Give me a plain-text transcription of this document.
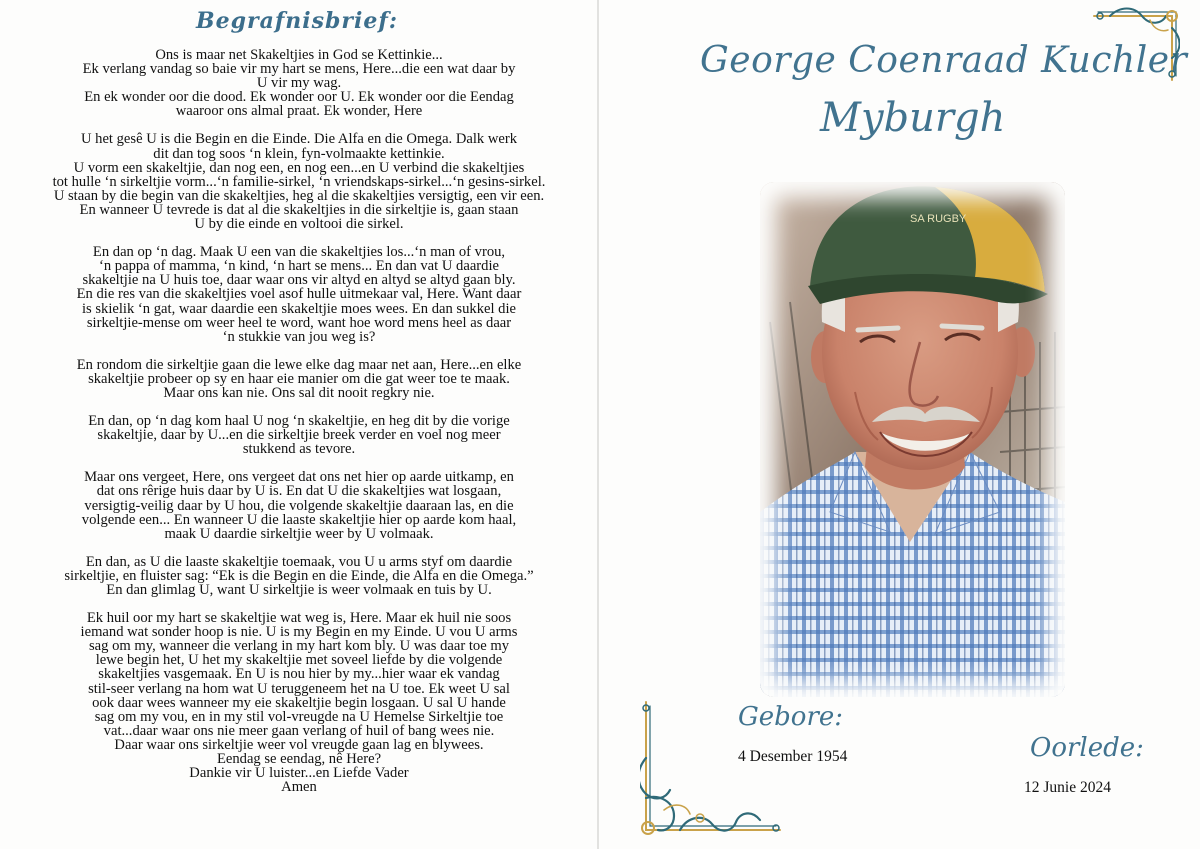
Begrafnisbrief:

Ons is maar net Skakeltjies in God se Kettinkie...
Ek verlang vandag so baie vir my hart se mens, Here...die een wat daar by
U vir my wag.
En ek wonder oor die dood. Ek wonder oor U. Ek wonder oor die Eendag
waaroor ons almal praat. Ek wonder, Here

U het gesê U is die Begin en die Einde. Die Alfa en die Omega. Dalk werk
dit dan tog soos ‘n klein, fyn-volmaakte kettinkie.
U vorm een skakeltjie, dan nog een, en nog een...en U verbind die skakeltjies
tot hulle ‘n sirkeltjie vorm...‘n familie-sirkel, ‘n vriendskaps-sirkel...‘n gesins-sirkel.
U staan by die begin van die skakeltjies, heg al die skakeltjies versigtig, een vir een.
En wanneer U tevrede is dat al die skakeltjies in die sirkeltjie is, gaan staan
U by die einde en voltooi die sirkel.

En dan op ‘n dag. Maak U een van die skakeltjies los...‘n man of vrou,
‘n pappa of mamma, ‘n kind, ‘n hart se mens... En dan vat U daardie
skakeltjie na U huis toe, daar waar ons vir altyd en altyd se altyd gaan bly.
En die res van die skakeltjies voel asof hulle uitmekaar val, Here. Want daar
is skielik ‘n gat, waar daardie een skakeltjie moes wees. En dan sukkel die
sirkeltjie-mense om weer heel te word, want hoe word mens heel as daar
‘n stukkie van jou weg is?

En rondom die sirkeltjie gaan die lewe elke dag maar net aan, Here...en elke
skakeltjie probeer op sy en haar eie manier om die gat weer toe te maak.
Maar ons kan nie. Ons sal dit nooit regkry nie.

En dan, op ‘n dag kom haal U nog ‘n skakeltjie, en heg dit by die vorige
skakeltjie, daar by U...en die sirkeltjie breek verder en voel nog meer
stukkend as tevore.

Maar ons vergeet, Here, ons vergeet dat ons net hier op aarde uitkamp, en
dat ons rêrige huis daar by U is. En dat U die skakeltjies wat losgaan,
versigtig-veilig daar by U hou, die volgende skakeltjie daaraan las, en die
volgende een... En wanneer U die laaste skakeltjie hier op aarde kom haal,
maak U daardie sirkeltjie weer by U volmaak.

En dan, as U die laaste skakeltjie toemaak, vou U u arms styf om daardie
sirkeltjie, en fluister sag: “Ek is die Begin en die Einde, die Alfa en die Omega.”
En dan glimlag U, want U sirkeltjie is weer volmaak en tuis by U.

Ek huil oor my hart se skakeltjie wat weg is, Here. Maar ek huil nie soos
iemand wat sonder hoop is nie. U is my Begin en my Einde. U vou U arms
sag om my, wanneer die verlang in my hart kom bly. U was daar toe my
lewe begin het, U het my skakeltjie met soveel liefde by die volgende
skakeltjies vasgemaak. En U is nou hier by my...hier waar ek vandag
stil-seer verlang na hom wat U teruggeneem het na U toe. Ek weet U sal
ook daar wees wanneer my eie skakeltjie begin losgaan. U sal U hande
sag om my vou, en in my stil vol-vreugde na U Hemelse Sirkeltjie toe
vat...daar waar ons nie meer gaan verlang of huil of bang wees nie.
Daar waar ons sirkeltjie weer vol vreugde gaan lag en blywees.
Eendag se eendag, nê Here?
Dankie vir U luister...en Liefde Vader
Amen

George Coenraad Kuchler
Myburgh
SA RUGBY

Gebore:

4 Desember 1954	Oorlede:

12 Junie 2024
